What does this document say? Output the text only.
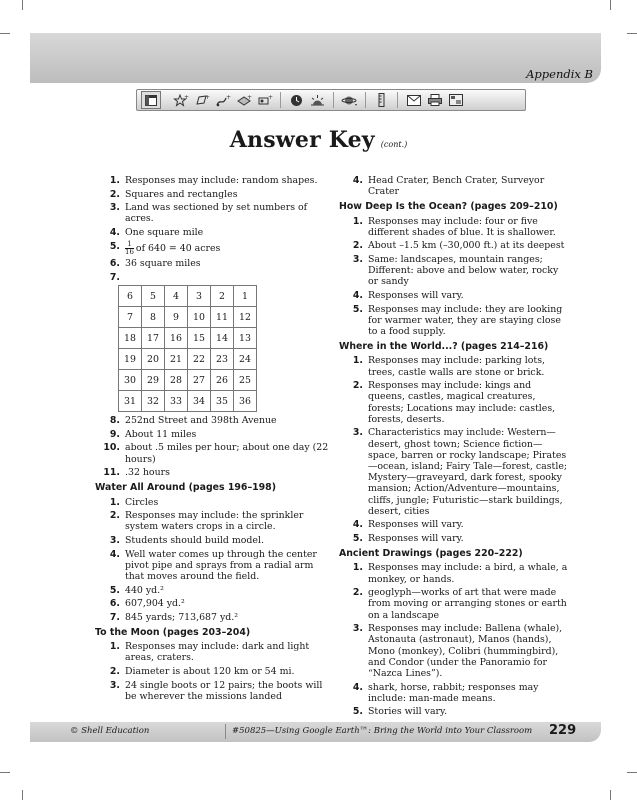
Appendix B
+	+	+	+	+
Answer Key (cont.)
1. Responses may include: random shapes.
2. Squares and rectangles
3. Land was sectioned by set numbers of acres.
4. One square mile
5. $\frac{1}{16}$ of 640 = 40 acres
6. 36 square miles
7.
6	5	4	3	2	1
7	8	9	10	11	12
18	17	16	15	14	13
19	20	21	22	23	24
30	29	28	27	26	25
31	32	33	34	35	36
8. 252nd Street and 398th Avenue
9. About 11 miles
10. about .5 miles per hour; about one day (22 hours)
11. .32 hours
Water All Around (pages 196–198)
1. Circles
2. Responses may include: the sprinkler system waters crops in a circle.
3. Students should build model.
4. Well water comes up through the center pivot pipe and sprays from a radial arm that moves around the field.
5. 440 yd.²
6. 607,904 yd.²
7. 845 yards; 713,687 yd.²
To the Moon (pages 203–204)
1. Responses may include: dark and light areas, craters.
2. Diameter is about 120 km or 54 mi.
3. 24 single boots or 12 pairs; the boots will be wherever the missions landed
4. Head Crater, Bench Crater, Surveyor Crater
How Deep Is the Ocean? (pages 209–210)
1. Responses may include: four or five different shades of blue. It is shallower.
2. About –1.5 km (–30,000 ft.) at its deepest
3. Same: landscapes, mountain ranges; Different: above and below water, rocky or sandy
4. Responses will vary.
5. Responses may include: they are looking for warmer water, they are staying close to a food supply.
Where in the World...? (pages 214–216)
1. Responses may include: parking lots, trees, castle walls are stone or brick.
2. Responses may include: kings and queens, castles, magical creatures, forests; Locations may include: castles, forests, deserts.
3. Characteristics may include: Western—desert, ghost town; Science fiction—space, barren or rocky landscape; Pirates—ocean, island; Fairy Tale—forest, castle; Mystery—graveyard, dark forest, spooky mansion; Action/Adventure—mountains, cliffs, jungle; Futuristic—stark buildings, desert, cities
4. Responses will vary.
5. Responses will vary.
Ancient Drawings (pages 220–222)
1. Responses may include: a bird, a whale, a monkey, or hands.
2. geoglyph—works of art that were made from moving or arranging stones or earth on a landscape
3. Responses may include: Ballena (whale), Astonauta (astronaut), Manos (hands), Mono (monkey), Colibri (hummingbird), and Condor (under the Panoramio for “Nazca Lines”).
4. shark, horse, rabbit; responses may include: man-made means.
5. Stories will vary.
© Shell Education	#50825—Using Google Earth™: Bring the World into Your Classroom 229
